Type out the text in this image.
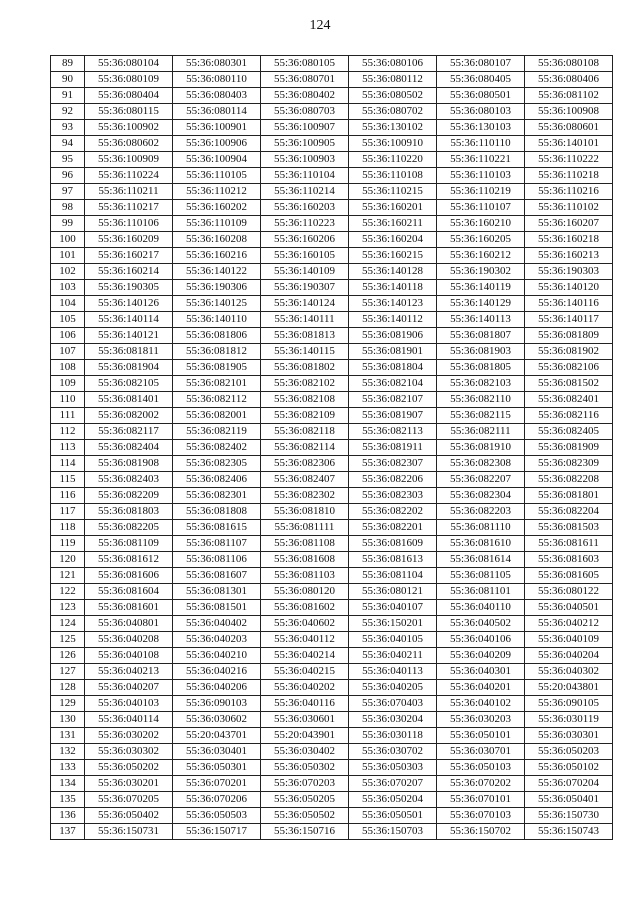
124
89	55:36:080104	55:36:080301	55:36:080105	55:36:080106	55:36:080107	55:36:080108
90	55:36:080109	55:36:080110	55:36:080701	55:36:080112	55:36:080405	55:36:080406
91	55:36:080404	55:36:080403	55:36:080402	55:36:080502	55:36:080501	55:36:081102
92	55:36:080115	55:36:080114	55:36:080703	55:36:080702	55:36:080103	55:36:100908
93	55:36:100902	55:36:100901	55:36:100907	55:36:130102	55:36:130103	55:36:080601
94	55:36:080602	55:36:100906	55:36:100905	55:36:100910	55:36:110110	55:36:140101
95	55:36:100909	55:36:100904	55:36:100903	55:36:110220	55:36:110221	55:36:110222
96	55:36:110224	55:36:110105	55:36:110104	55:36:110108	55:36:110103	55:36:110218
97	55:36:110211	55:36:110212	55:36:110214	55:36:110215	55:36:110219	55:36:110216
98	55:36:110217	55:36:160202	55:36:160203	55:36:160201	55:36:110107	55:36:110102
99	55:36:110106	55:36:110109	55:36:110223	55:36:160211	55:36:160210	55:36:160207
100	55:36:160209	55:36:160208	55:36:160206	55:36:160204	55:36:160205	55:36:160218
101	55:36:160217	55:36:160216	55:36:160105	55:36:160215	55:36:160212	55:36:160213
102	55:36:160214	55:36:140122	55:36:140109	55:36:140128	55:36:190302	55:36:190303
103	55:36:190305	55:36:190306	55:36:190307	55:36:140118	55:36:140119	55:36:140120
104	55:36:140126	55:36:140125	55:36:140124	55:36:140123	55:36:140129	55:36:140116
105	55:36:140114	55:36:140110	55:36:140111	55:36:140112	55:36:140113	55:36:140117
106	55:36:140121	55:36:081806	55:36:081813	55:36:081906	55:36:081807	55:36:081809
107	55:36:081811	55:36:081812	55:36:140115	55:36:081901	55:36:081903	55:36:081902
108	55:36:081904	55:36:081905	55:36:081802	55:36:081804	55:36:081805	55:36:082106
109	55:36:082105	55:36:082101	55:36:082102	55:36:082104	55:36:082103	55:36:081502
110	55:36:081401	55:36:082112	55:36:082108	55:36:082107	55:36:082110	55:36:082401
111	55:36:082002	55:36:082001	55:36:082109	55:36:081907	55:36:082115	55:36:082116
112	55:36:082117	55:36:082119	55:36:082118	55:36:082113	55:36:082111	55:36:082405
113	55:36:082404	55:36:082402	55:36:082114	55:36:081911	55:36:081910	55:36:081909
114	55:36:081908	55:36:082305	55:36:082306	55:36:082307	55:36:082308	55:36:082309
115	55:36:082403	55:36:082406	55:36:082407	55:36:082206	55:36:082207	55:36:082208
116	55:36:082209	55:36:082301	55:36:082302	55:36:082303	55:36:082304	55:36:081801
117	55:36:081803	55:36:081808	55:36:081810	55:36:082202	55:36:082203	55:36:082204
118	55:36:082205	55:36:081615	55:36:081111	55:36:082201	55:36:081110	55:36:081503
119	55:36:081109	55:36:081107	55:36:081108	55:36:081609	55:36:081610	55:36:081611
120	55:36:081612	55:36:081106	55:36:081608	55:36:081613	55:36:081614	55:36:081603
121	55:36:081606	55:36:081607	55:36:081103	55:36:081104	55:36:081105	55:36:081605
122	55:36:081604	55:36:081301	55:36:080120	55:36:080121	55:36:081101	55:36:080122
123	55:36:081601	55:36:081501	55:36:081602	55:36:040107	55:36:040110	55:36:040501
124	55:36:040801	55:36:040402	55:36:040602	55:36:150201	55:36:040502	55:36:040212
125	55:36:040208	55:36:040203	55:36:040112	55:36:040105	55:36:040106	55:36:040109
126	55:36:040108	55:36:040210	55:36:040214	55:36:040211	55:36:040209	55:36:040204
127	55:36:040213	55:36:040216	55:36:040215	55:36:040113	55:36:040301	55:36:040302
128	55:36:040207	55:36:040206	55:36:040202	55:36:040205	55:36:040201	55:20:043801
129	55:36:040103	55:36:090103	55:36:040116	55:36:070403	55:36:040102	55:36:090105
130	55:36:040114	55:36:030602	55:36:030601	55:36:030204	55:36:030203	55:36:030119
131	55:36:030202	55:20:043701	55:20:043901	55:36:030118	55:36:050101	55:36:030301
132	55:36:030302	55:36:030401	55:36:030402	55:36:030702	55:36:030701	55:36:050203
133	55:36:050202	55:36:050301	55:36:050302	55:36:050303	55:36:050103	55:36:050102
134	55:36:030201	55:36:070201	55:36:070203	55:36:070207	55:36:070202	55:36:070204
135	55:36:070205	55:36:070206	55:36:050205	55:36:050204	55:36:070101	55:36:050401
136	55:36:050402	55:36:050503	55:36:050502	55:36:050501	55:36:070103	55:36:150730
137	55:36:150731	55:36:150717	55:36:150716	55:36:150703	55:36:150702	55:36:150743
